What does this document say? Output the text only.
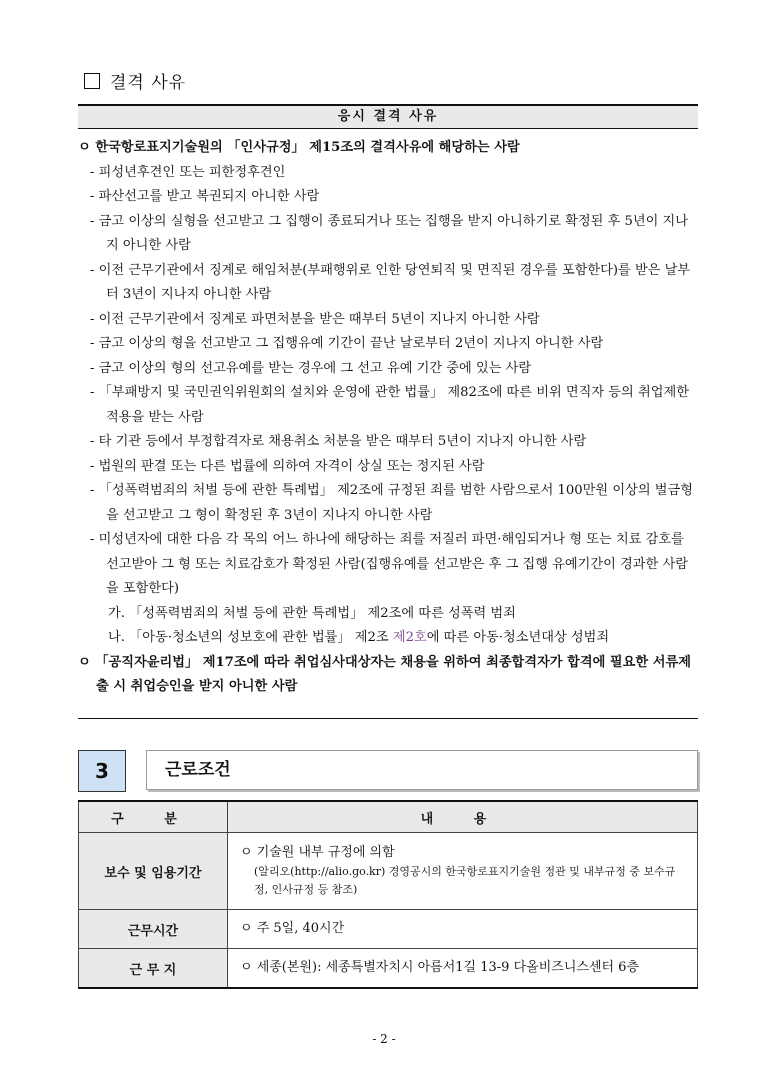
결격 사유
응시 결격 사유
ㅇ 한국항로표지기술원의 「인사규정」 제15조의 결격사유에 해당하는 사람
- 피성년후견인 또는 피한정후견인
- 파산선고를 받고 복권되지 아니한 사람
- 금고 이상의 실형을 선고받고 그 집행이 종료되거나 또는 집행을 받지 아니하기로 확정된 후 5년이 지나지 아니한 사람
- 이전 근무기관에서 징계로 해임처분(부패행위로 인한 당연퇴직 및 면직된 경우를 포함한다)를 받은 날부터 3년이 지나지 아니한 사람
- 이전 근무기관에서 징계로 파면처분을 받은 때부터 5년이 지나지 아니한 사람
- 금고 이상의 형을 선고받고 그 집행유예 기간이 끝난 날로부터 2년이 지나지 아니한 사람
- 금고 이상의 형의 선고유예를 받는 경우에 그 선고 유예 기간 중에 있는 사람
- 「부패방지 및 국민권익위원회의 설치와 운영에 관한 법률」 제82조에 따른 비위 면직자 등의 취업제한 적용을 받는 사람
- 타 기관 등에서 부정합격자로 채용취소 처분을 받은 때부터 5년이 지나지 아니한 사람
- 법원의 판결 또는 다른 법률에 의하여 자격이 상실 또는 정지된 사람
- 「성폭력범죄의 처벌 등에 관한 특례법」 제2조에 규정된 죄를 범한 사람으로서 100만원 이상의 벌금형을 선고받고 그 형이 확정된 후 3년이 지나지 아니한 사람
- 미성년자에 대한 다음 각 목의 어느 하나에 해당하는 죄를 저질러 파면·해임되거나 형 또는 치료 감호를 선고받아 그 형 또는 치료감호가 확정된 사람(집행유예를 선고받은 후 그 집행 유예기간이 경과한 사람을 포함한다)
가. 「성폭력범죄의 처벌 등에 관한 특례법」 제2조에 따른 성폭력 범죄
나. 「아동·청소년의 성보호에 관한 법률」 제2조 제2호에 따른 아동·청소년대상 성범죄
ㅇ 「공직자윤리법」 제17조에 따라 취업심사대상자는 채용을 위하여 최종합격자가 합격에 필요한 서류제출 시 취업승인을 받지 아니한 사람
3	근로조건
구 분	내 용
보수 및 임용기간	ㅇ 기술원 내부 규정에 의함
(알리오(http://alio.go.kr) 경영공시의 한국항로표지기술원 정관 및 내부규정 중 보수규정, 인사규정 등 참조)

근무시간	ㅇ 주 5일, 40시간
근 무 지	ㅇ 세종(본원): 세종특별자치시 아름서1길 13-9 다올비즈니스센터 6층
- 2 -
